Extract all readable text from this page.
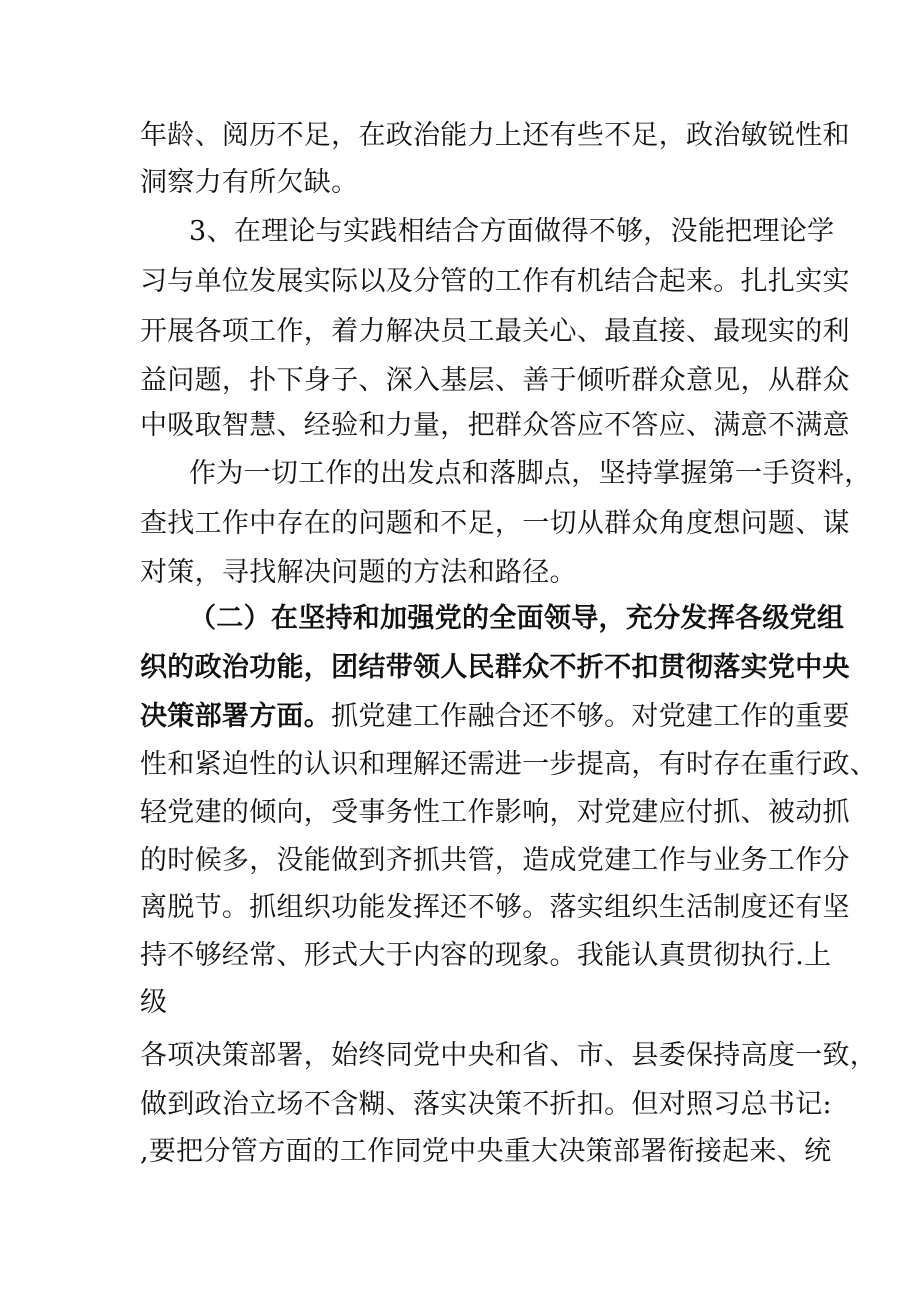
年龄、阅历不足，在政治能力上还有些不足，政治敏锐性和
洞察力有所欠缺。
3、在理论与实践相结合方面做得不够，没能把理论学
习与单位发展实际以及分管的工作有机结合起来。扎扎实实
开展各项工作，着力解决员工最关心、最直接、最现实的利
益问题，扑下身子、深入基层、善于倾听群众意见，从群众
中吸取智慧、经验和力量，把群众答应不答应、满意不满意
作为一切工作的出发点和落脚点，坚持掌握第一手资料，
查找工作中存在的问题和不足，一切从群众角度想问题、谋
对策，寻找解决问题的方法和路径。
（二）在坚持和加强党的全面领导，充分发挥各级党组
织的政治功能，团结带领人民群众不折不扣贯彻落实党中央
决策部署方面。抓党建工作融合还不够。对党建工作的重要
性和紧迫性的认识和理解还需进一步提高，有时存在重行政、
轻党建的倾向，受事务性工作影响，对党建应付抓、被动抓
的时候多，没能做到齐抓共管，造成党建工作与业务工作分
离脱节。抓组织功能发挥还不够。落实组织生活制度还有坚
持不够经常、形式大于内容的现象。我能认真贯彻执行.上
级
各项决策部署，始终同党中央和省、市、县委保持高度一致，
做到政治立场不含糊、落实决策不折扣。但对照习总书记:
,要把分管方面的工作同党中央重大决策部署衔接起来、统
